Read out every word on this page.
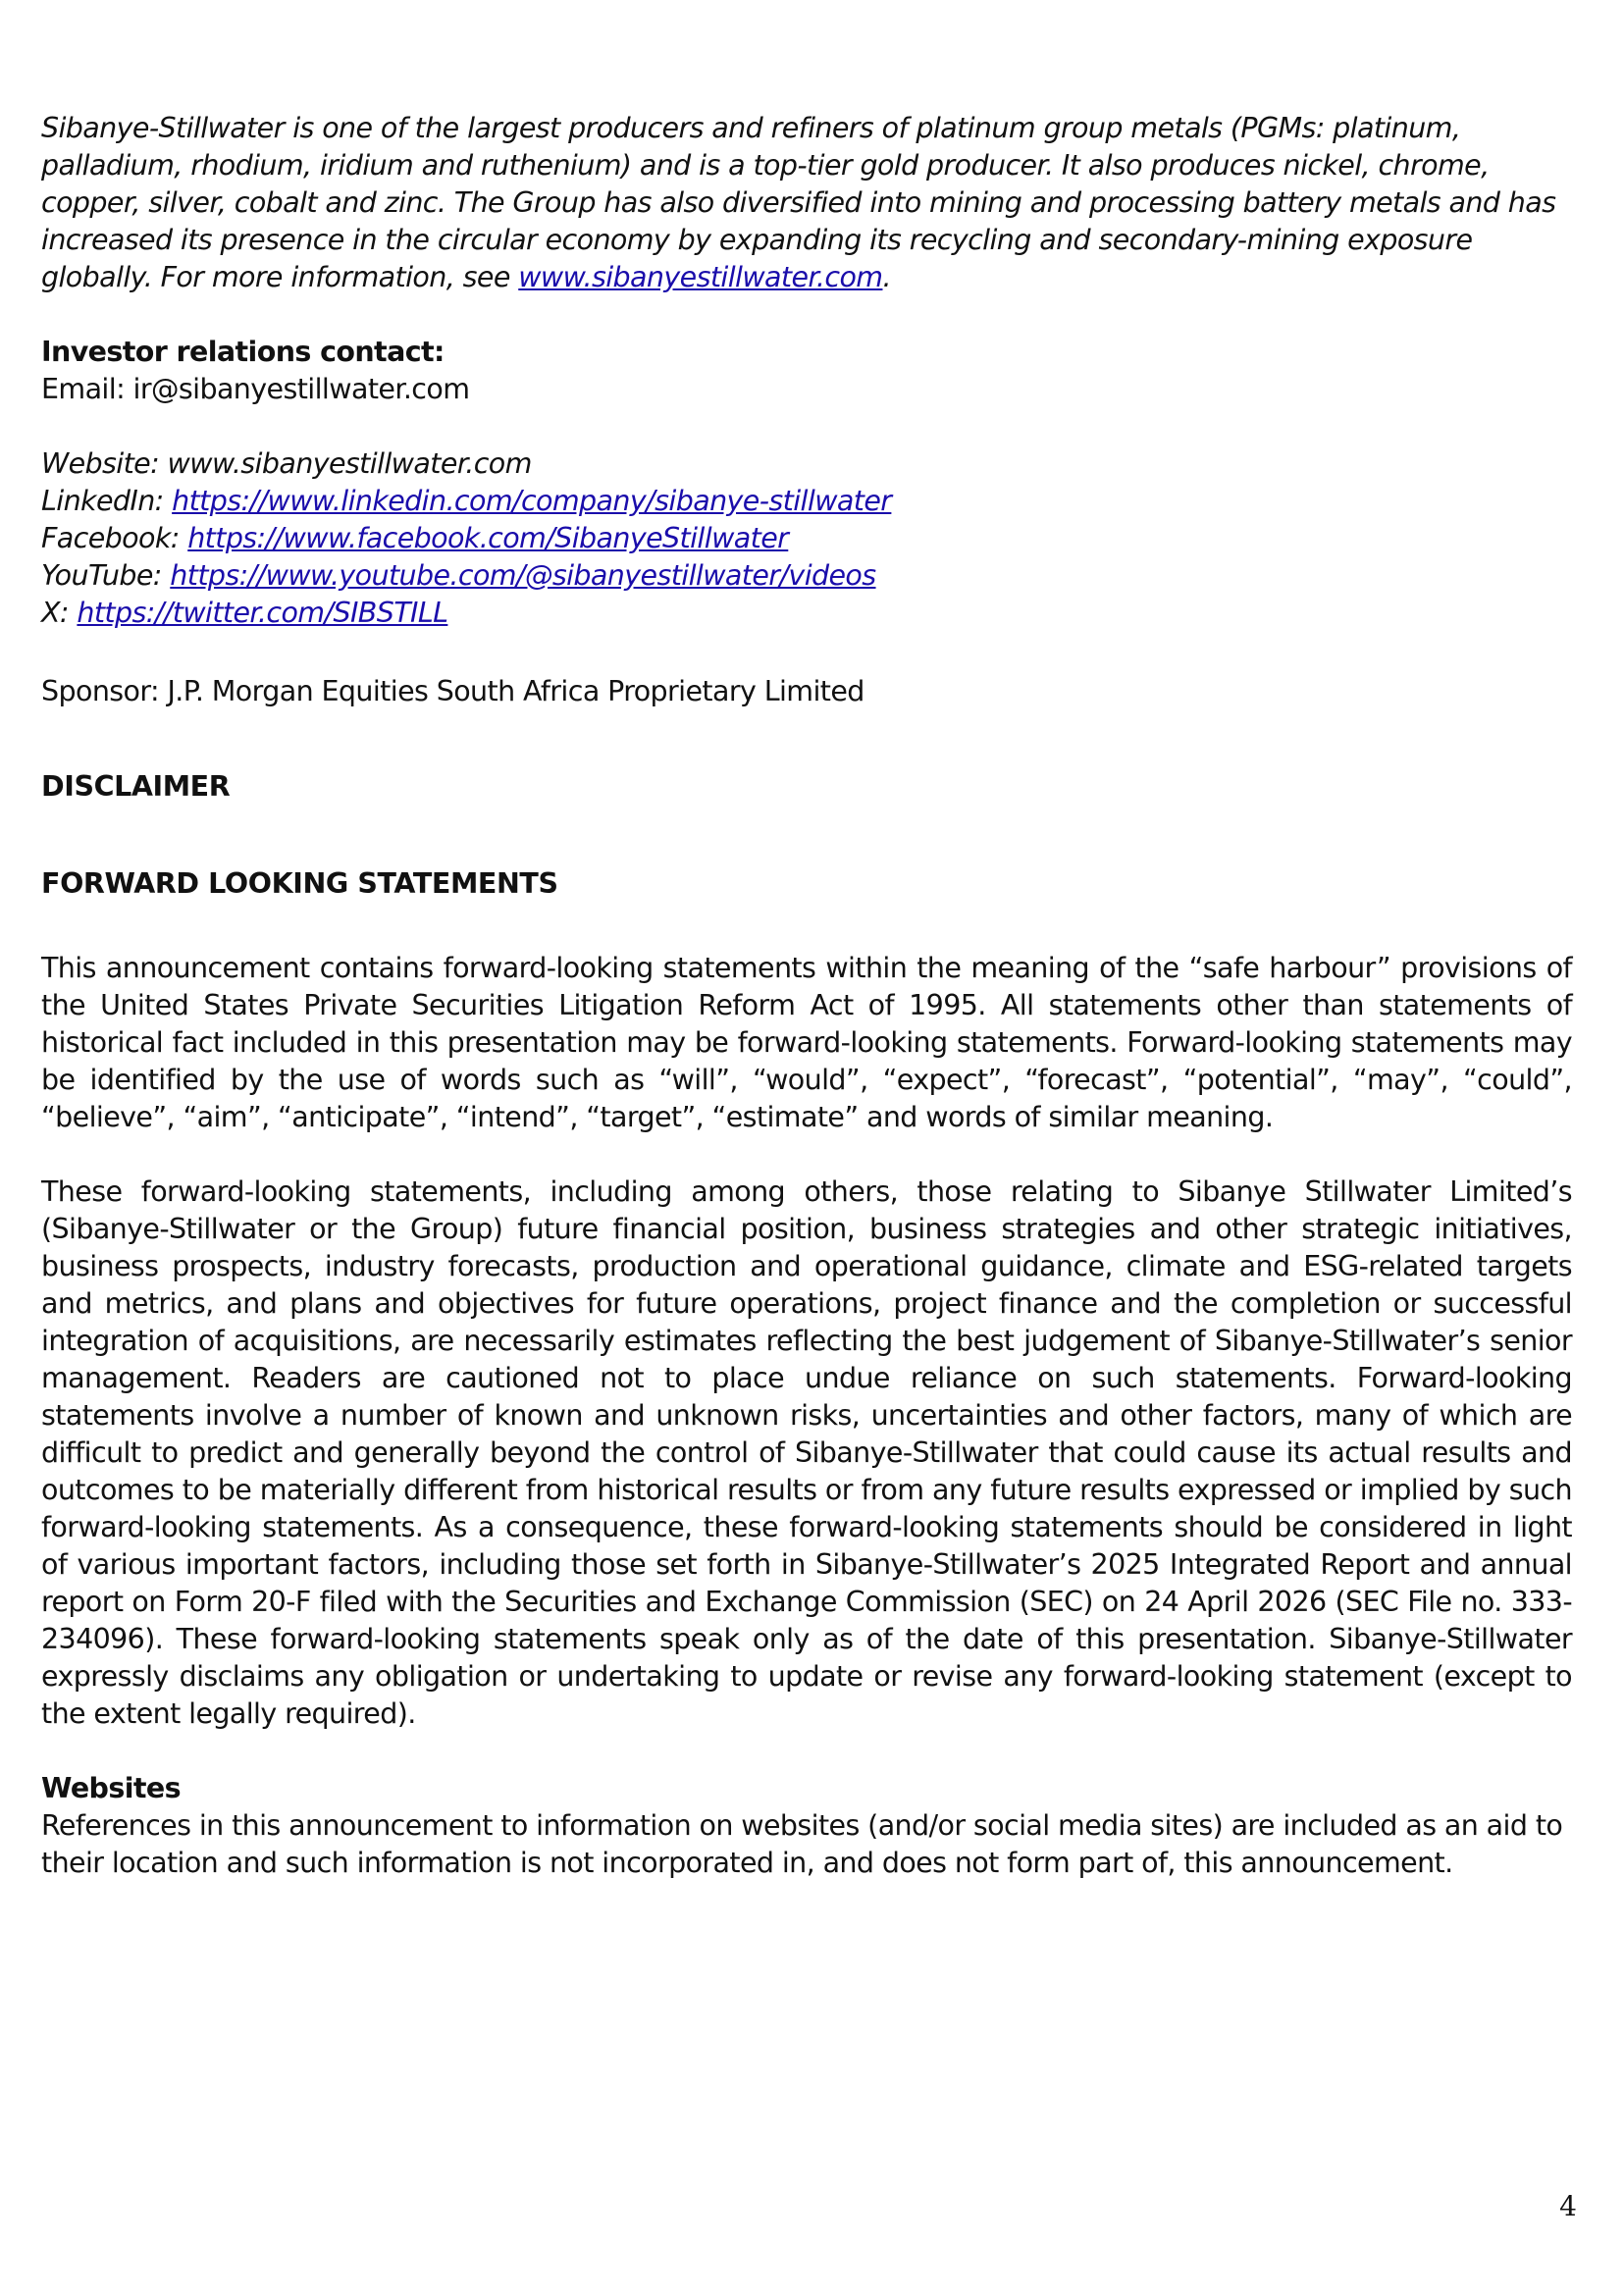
Sibanye-Stillwater is one of the largest producers and refiners of platinum group metals (PGMs: platinum, palladium, rhodium, iridium and ruthenium) and is a top-tier gold producer. It also produces nickel, chrome, copper, silver, cobalt and zinc. The Group has also diversified into mining and processing battery metals and has increased its presence in the circular economy by expanding its recycling and secondary-mining exposure globally. For more information, see www.sibanyestillwater.com.

Investor relations contact:

Email: ir@sibanyestillwater.com

Website: www.sibanyestillwater.com

LinkedIn: https://www.linkedin.com/company/sibanye-stillwater

Facebook: https://www.facebook.com/SibanyeStillwater

YouTube: https://www.youtube.com/@sibanyestillwater/videos

X: https://twitter.com/SIBSTILL

Sponsor: J.P. Morgan Equities South Africa Proprietary Limited

DISCLAIMER

FORWARD LOOKING STATEMENTS

This announcement contains forward-looking statements within the meaning of the “safe harbour” provisions of the United States Private Securities Litigation Reform Act of 1995. All statements other than statements of historical fact included in this presentation may be forward-looking statements. Forward-looking statements may be identified by the use of words such as “will”, “would”, “expect”, “forecast”, “potential”, “may”, “could”, “believe”, “aim”, “anticipate”, “intend”, “target”, “estimate” and words of similar meaning.

These forward-looking statements, including among others, those relating to Sibanye Stillwater Limited’s (Sibanye-Stillwater or the Group) future financial position, business strategies and other strategic initiatives, business prospects, industry forecasts, production and operational guidance, climate and ESG-related targets and metrics, and plans and objectives for future operations, project finance and the completion or successful integration of acquisitions, are necessarily estimates reflecting the best judgement of Sibanye-Stillwater’s senior management. Readers are cautioned not to place undue reliance on such statements. Forward-looking statements involve a number of known and unknown risks, uncertainties and other factors, many of which are difficult to predict and generally beyond the control of Sibanye-Stillwater that could cause its actual results and outcomes to be materially different from historical results or from any future results expressed or implied by such forward-looking statements. As a consequence, these forward-looking statements should be considered in light of various important factors, including those set forth in Sibanye-Stillwater’s 2025 Integrated Report and annual report on Form 20-F filed with the Securities and Exchange Commission (SEC) on 24 April 2026 (SEC File no. 333-234096). These forward-looking statements speak only as of the date of this presentation. Sibanye-Stillwater expressly disclaims any obligation or undertaking to update or revise any forward-looking statement (except to the extent legally required).

Websites

References in this announcement to information on websites (and/or social media sites) are included as an aid to their location and such information is not incorporated in, and does not form part of, this announcement.

4
